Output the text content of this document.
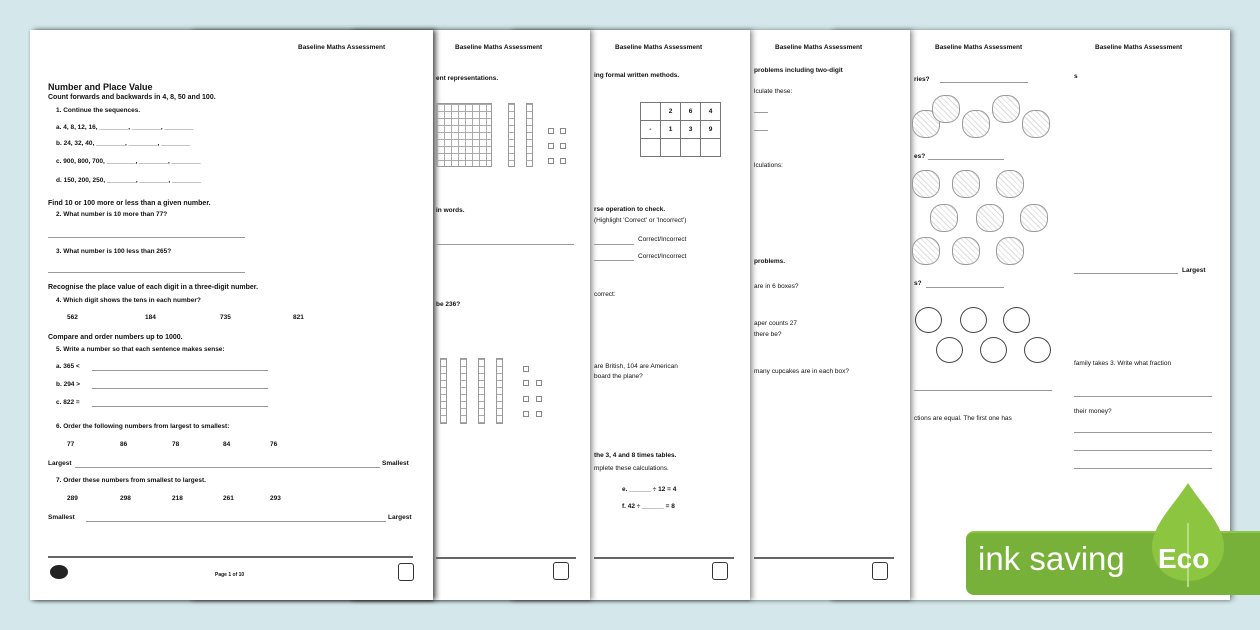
Baseline Maths Assessment	Baseline Maths Assessment	Baseline Maths Assessment	Baseline Maths Assessment	Baseline Maths Assessment	Baseline Maths Assessment
Number and Place Value
Count forwards and backwards in 4, 8, 50 and 100.
1. Continue the sequences.
a. 4, 8, 12, 16, ________, ________, ________
b. 24, 32, 40, ________, ________, ________
c. 900, 800, 700, ________, ________, ________
d. 150, 200, 250, ________, ________, ________
Find 10 or 100 more or less than a given number.
2. What number is 10 more than 77?
3. What number is 100 less than 265?
Recognise the place value of each digit in a three-digit number.
4. Which digit shows the tens in each number?
562	184	735	821
Compare and order numbers up to 1000.
5. Write a number so that each sentence makes sense:
a. 365 <
b. 294 >
c. 822 =
6. Order the following numbers from largest to smallest:
77	86	78	84	76
Largest	Smallest
7. Order these numbers from smallest to largest.
289	298	218	261	293
Smallest	Largest
Page 1 of 10
ent representations.
in words.
be 236?
ing formal written methods.
	2	6	4
-	1	3	9

rse operation to check.
(Highlight 'Correct' or 'Incorrect')
Correct/Incorrect
Correct/Incorrect
correct:
are British, 104 are American
board the plane?
the 3, 4 and 8 times tables.
mplete these calculations.
e. ______ ÷ 12 = 4
f. 42 ÷ ______ = 8
problems including two-digit
lculate these:
lculations:
problems.
are in 6 boxes?
aper counts 27
there be?
many cupcakes are in each box?
ries?
es?
s?
ctions are equal. The first one has
s
Largest
family takes 3. Write what fraction
their money?
ink saving Eco
